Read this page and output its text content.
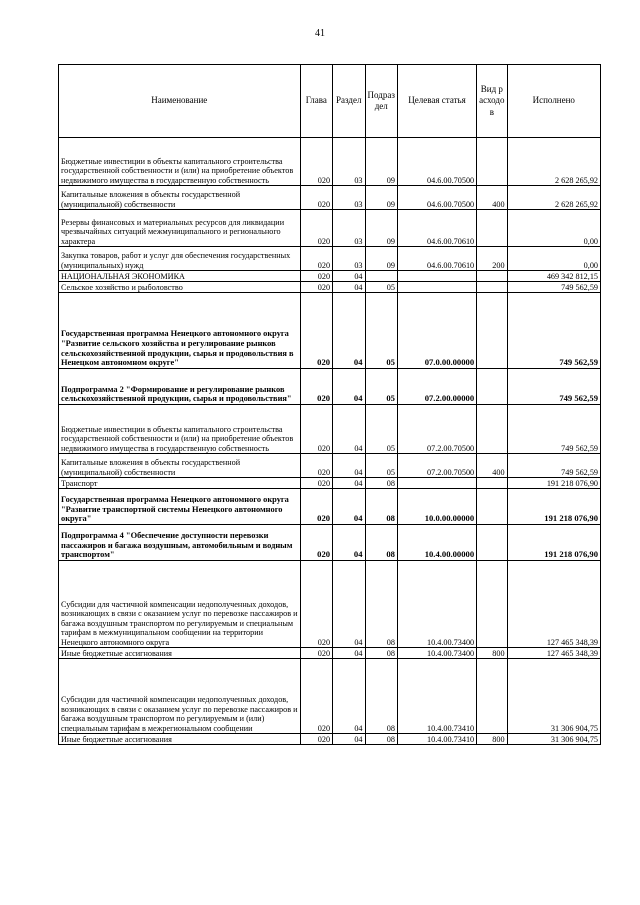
41
Наименование	Глава	Раздел	Подраздел	Целевая статья	Вид расходов	Исполнено
Бюджетные инвестиции в объекты капитального строительства государственной собственности и (или) на приобретение объектов недвижимого имущества в государственную собственность	020	03	09	04.6.00.70500		2 628 265,92
Капитальные вложения в объекты государственной (муниципальной) собственности	020	03	09	04.6.00.70500	400	2 628 265,92
Резервы финансовых и материальных ресурсов для ликвидации чрезвычайных ситуаций межмуниципального и регионального характера	020	03	09	04.6.00.70610		0,00
Закупка товаров, работ и услуг для обеспечения государственных (муниципальных) нужд	020	03	09	04.6.00.70610	200	0,00
НАЦИОНАЛЬНАЯ ЭКОНОМИКА	020	04				469 342 812,15
Сельское хозяйство и рыболовство	020	04	05			749 562,59
Государственная программа Ненецкого автономного округа "Развитие сельского хозяйства и регулирование рынков сельскохозяйственной продукции, сырья и продовольствия в Ненецком автономном округе"	020	04	05	07.0.00.00000		749 562,59
Подпрограмма 2 "Формирование и регулирование рынков сельскохозяйственной продукции, сырья и продовольствия"	020	04	05	07.2.00.00000		749 562,59
Бюджетные инвестиции в объекты капитального строительства государственной собственности и (или) на приобретение объектов недвижимого имущества в государственную собственность	020	04	05	07.2.00.70500		749 562,59
Капитальные вложения в объекты государственной (муниципальной) собственности	020	04	05	07.2.00.70500	400	749 562,59
Транспорт	020	04	08			191 218 076,90
Государственная программа Ненецкого автономного округа "Развитие транспортной системы Ненецкого автономного округа"	020	04	08	10.0.00.00000		191 218 076,90
Подпрограмма 4 "Обеспечение доступности перевозки пассажиров и багажа воздушным, автомобильным и водным транспортом"	020	04	08	10.4.00.00000		191 218 076,90
Субсидии для частичной компенсации недополученных доходов, возникающих в связи с оказанием услуг по перевозке пассажиров и багажа воздушным транспортом по регулируемым и специальным тарифам в межмуниципальном сообщении на территории Ненецкого автономного округа	020	04	08	10.4.00.73400		127 465 348,39
Иные бюджетные ассигнования	020	04	08	10.4.00.73400	800	127 465 348,39
Субсидии для частичной компенсации недополученных доходов, возникающих в связи с оказанием услуг по перевозке пассажиров и багажа воздушным транспортом по регулируемым и (или) специальным тарифам в межрегиональном сообщении	020	04	08	10.4.00.73410		31 306 904,75
Иные бюджетные ассигнования	020	04	08	10.4.00.73410	800	31 306 904,75
